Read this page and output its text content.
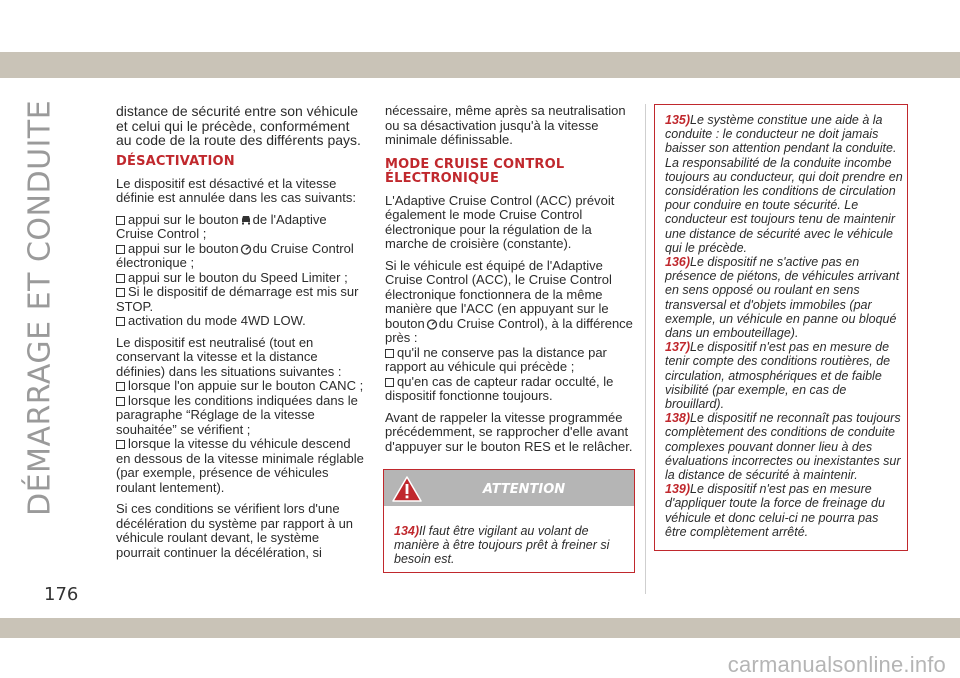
DÉMARRAGE ET CONDUITE	distance de sécurité entre son véhicule et celui qui le précède, conformément au code de la route des différents pays.

DÉSACTIVATION

Le dispositif est désactivé et la vitesse définie est annulée dans les cas suivants:

appui sur le bouton de l'Adaptive Cruise Control ;
appui sur le bouton du Cruise Control électronique ;
appui sur le bouton du Speed Limiter ;
Si le dispositif de démarrage est mis sur STOP.
activation du mode 4WD LOW.

Le dispositif est neutralisé (tout en conservant la vitesse et la distance définies) dans les situations suivantes :

lorsque l'on appuie sur le bouton CANC ;
lorsque les conditions indiquées dans le paragraphe “Réglage de la vitesse souhaitée” se vérifient ;
lorsque la vitesse du véhicule descend en dessous de la vitesse minimale réglable (par exemple, présence de véhicules roulant lentement).

Si ces conditions se vérifient lors d'une décélération du système par rapport à un véhicule roulant devant, le système pourrait continuer la décélération, si

nécessaire, même après sa neutralisation ou sa désactivation jusqu'à la vitesse minimale définissable.

MODE CRUISE CONTROL ÉLECTRONIQUE

L'Adaptive Cruise Control (ACC) prévoit également le mode Cruise Control électronique pour la régulation de la marche de croisière (constante).

Si le véhicule est équipé de l'Adaptive Cruise Control (ACC), le Cruise Control électronique fonctionnera de la même manière que l'ACC (en appuyant sur le bouton du Cruise Control), à la différence près :

qu'il ne conserve pas la distance par rapport au véhicule qui précède ;
qu'en cas de capteur radar occulté, le dispositif fonctionne toujours.

Avant de rappeler la vitesse programmée précédemment, se rapprocher d'elle avant d'appuyer sur le bouton RES et le relâcher.

ATTENTION
134)Il faut être vigilant au volant de manière à être toujours prêt à freiner si besoin est.

135)Le système constitue une aide à la conduite : le conducteur ne doit jamais baisser son attention pendant la conduite. La responsabilité de la conduite incombe toujours au conducteur, qui doit prendre en considération les conditions de circulation pour conduire en toute sécurité. Le conducteur est toujours tenu de maintenir une distance de sécurité avec le véhicule qui le précède.

136)Le dispositif ne s'active pas en présence de piétons, de véhicules arrivant en sens opposé ou roulant en sens transversal et d'objets immobiles (par exemple, un véhicule en panne ou bloqué dans un embouteillage).

137)Le dispositif n'est pas en mesure de tenir compte des conditions routières, de circulation, atmosphériques et de faible visibilité (par exemple, en cas de brouillard).

138)Le dispositif ne reconnaît pas toujours complètement des conditions de conduite complexes pouvant donner lieu à des évaluations incorrectes ou inexistantes sur la distance de sécurité à maintenir.

139)Le dispositif n'est pas en mesure d'appliquer toute la force de freinage du véhicule et donc celui-ci ne pourra pas être complètement arrêté.

176
carmanualsonline.info
